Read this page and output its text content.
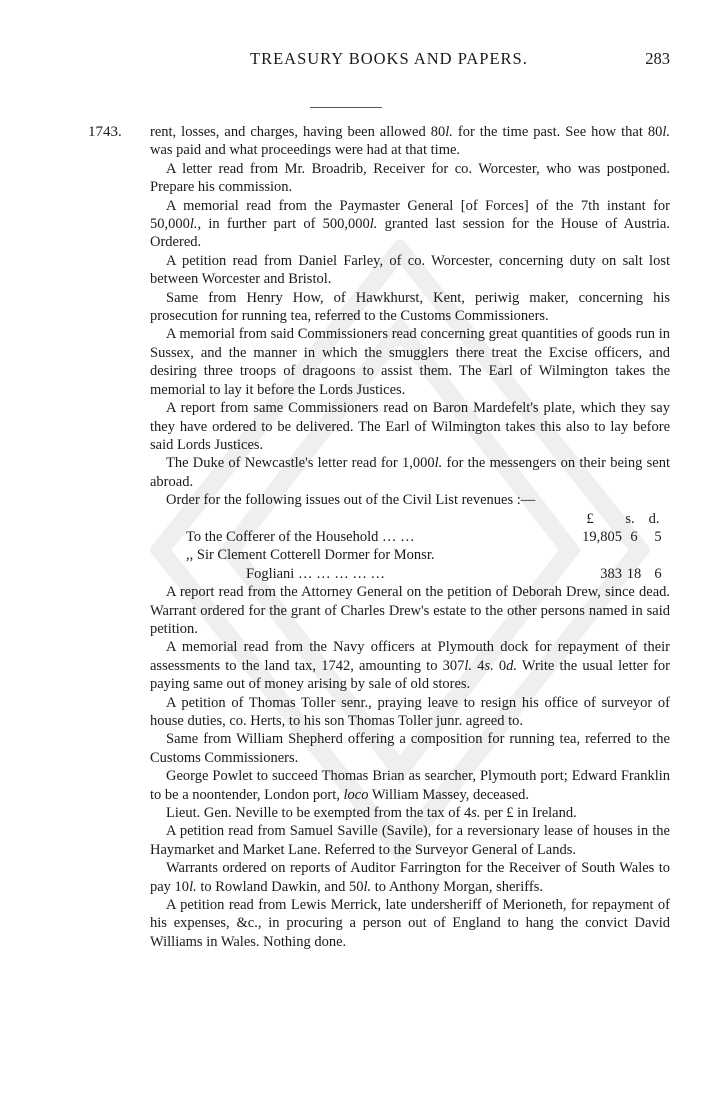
TREASURY BOOKS AND PAPERS.	283
1743. rent, losses, and charges, having been allowed 80l. for the time past. See how that 80l. was paid and what proceedings were had at that time.

A letter read from Mr. Broadrib, Receiver for co. Worcester, who was postponed. Prepare his commission.

A memorial read from the Paymaster General [of Forces] of the 7th instant for 50,000l., in further part of 500,000l. granted last session for the House of Austria. Ordered.

A petition read from Daniel Farley, of co. Worcester, concerning duty on salt lost between Worcester and Bristol.

Same from Henry How, of Hawkhurst, Kent, periwig maker, concerning his prosecution for running tea, referred to the Customs Commissioners.

A memorial from said Commissioners read concerning great quantities of goods run in Sussex, and the manner in which the smugglers there treat the Excise officers, and desiring three troops of dragoons to assist them. The Earl of Wilmington takes the memorial to lay it before the Lords Justices.

A report from same Commissioners read on Baron Mardefelt's plate, which they say they have ordered to be delivered. The Earl of Wilmington takes this also to lay before said Lords Justices.

The Duke of Newcastle's letter read for 1,000l. for the messengers on their being sent abroad.

Order for the following issues out of the Civil List revenues :—

£	s. d.
To the Cofferer of the Household … …	19,805 6	5
,, Sir Clement Cotterell Dormer for Monsr.
Fogliani … … … … …	383 18 6

A report read from the Attorney General on the petition of Deborah Drew, since dead. Warrant ordered for the grant of Charles Drew's estate to the other persons named in said petition.

A memorial read from the Navy officers at Plymouth dock for repayment of their assessments to the land tax, 1742, amounting to 307l. 4s. 0d. Write the usual letter for paying same out of money arising by sale of old stores.

A petition of Thomas Toller senr., praying leave to resign his office of surveyor of house duties, co. Herts, to his son Thomas Toller junr. agreed to.

Same from William Shepherd offering a composition for running tea, referred to the Customs Commissioners.

George Powlet to succeed Thomas Brian as searcher, Plymouth port; Edward Franklin to be a noontender, London port, loco William Massey, deceased.

Lieut. Gen. Neville to be exempted from the tax of 4s. per £ in Ireland.

A petition read from Samuel Saville (Savile), for a reversionary lease of houses in the Haymarket and Market Lane. Referred to the Surveyor General of Lands.

Warrants ordered on reports of Auditor Farrington for the Receiver of South Wales to pay 10l. to Rowland Dawkin, and 50l. to Anthony Morgan, sheriffs.

A petition read from Lewis Merrick, late undersheriff of Merioneth, for repayment of his expenses, &c., in procuring a person out of England to hang the convict David Williams in Wales. Nothing done.
